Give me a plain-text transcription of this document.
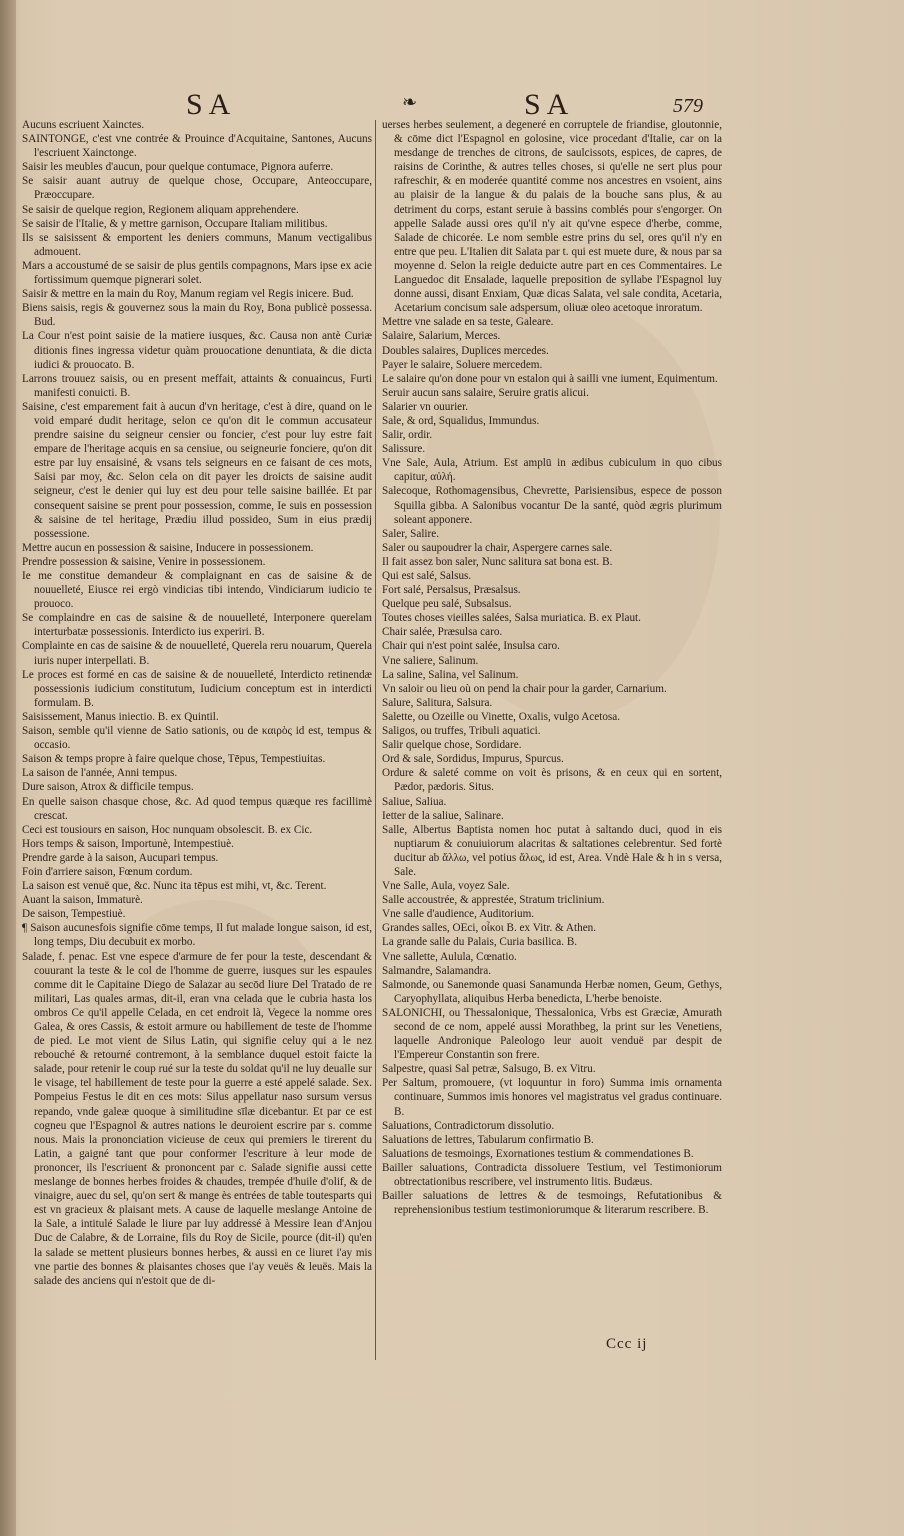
SA	❧	SA	579

Aucuns escriuent Xainctes.

SAINTONGE, c'est vne contrée & Prouince d'Acquitaine, Santones, Aucuns l'escriuent Xainctonge.

Saisir les meubles d'aucun, pour quelque contumace, Pignora auferre.

Se saisir auant autruy de quelque chose, Occupare, Anteoccupare, Præoccupare.

Se saisir de quelque region, Regionem aliquam apprehendere.

Se saisir de l'Italie, & y mettre garnison, Occupare Italiam militibus.

Ils se saisissent & emportent les deniers communs, Manum vectigalibus admouent.

Mars a accoustumé de se saisir de plus gentils compagnons, Mars ipse ex acie fortissimum quemque pignerari solet.

Saisir & mettre en la main du Roy, Manum regiam vel Regis inicere. Bud.

Biens saisis, regis & gouvernez sous la main du Roy, Bona publicè possessa. Bud.

La Cour n'est point saisie de la matiere iusques, &c. Causa non antè Curiæ ditionis fines ingressa videtur quàm prouocatione denuntiata, & die dicta iudici & prouocato. B.

Larrons trouuez saisis, ou en present meffait, attaints & conuaincus, Furti manifesti conuicti. B.

Saisine, c'est emparement fait à aucun d'vn heritage, c'est à dire, quand on le void emparé dudit heritage, selon ce qu'on dit le commun accusateur prendre saisine du seigneur censier ou foncier, c'est pour luy estre fait empare de l'heritage acquis en sa censiue, ou seigneurie fonciere, qu'on dit estre par luy ensaisiné, & vsans tels seigneurs en ce faisant de ces mots, Saisi par moy, &c. Selon cela on dit payer les droicts de saisine audit seigneur, c'est le denier qui luy est deu pour telle saisine baillée. Et par consequent saisine se prent pour possession, comme, Ie suis en possession & saisine de tel heritage, Prædiu illud possideo, Sum in eius prædij possessione.

Mettre aucun en possession & saisine, Inducere in possessionem.

Prendre possession & saisine, Venire in possessionem.

Ie me constitue demandeur & complaignant en cas de saisine & de nouuelleté, Eiusce rei ergò vindicias tibi intendo, Vindiciarum iudicio te prouoco.

Se complaindre en cas de saisine & de nouuelleté, Interponere querelam interturbatæ possessionis. Interdicto ius experiri. B.

Complainte en cas de saisine & de nouuelleté, Querela reru nouarum, Querela iuris nuper interpellati. B.

Le proces est formé en cas de saisine & de nouuelleté, Interdicto retinendæ possessionis iudicium constitutum, Iudicium conceptum est in interdicti formulam. B.

Saisissement, Manus iniectio. B. ex Quintil.

Saison, semble qu'il vienne de Satio sationis, ou de καιρὸς id est, tempus & occasio.

Saison & temps propre à faire quelque chose, Tēpus, Tempestiuitas.

La saison de l'année, Anni tempus.

Dure saison, Atrox & difficile tempus.

En quelle saison chasque chose, &c. Ad quod tempus quæque res facillimè crescat.

Ceci est tousiours en saison, Hoc nunquam obsolescit. B. ex Cic.

Hors temps & saison, Importunè, Intempestiuè.

Prendre garde à la saison, Aucupari tempus.

Foin d'arriere saison, Fœnum cordum.

La saison est venuë que, &c. Nunc ita tēpus est mihi, vt, &c. Terent.

Auant la saison, Immaturè.

De saison, Tempestiuè.

¶ Saison aucunesfois signifie cōme temps, Il fut malade longue saison, id est, long temps, Diu decubuit ex morbo.

Salade, f. penac. Est vne espece d'armure de fer pour la teste, descendant & couurant la teste & le col de l'homme de guerre, iusques sur les espaules comme dit le Capitaine Diego de Salazar au secōd liure Del Tratado de re militari, Las quales armas, dit-il, eran vna celada que le cubria hasta los ombros Ce qu'il appelle Celada, en cet endroit là, Vegece la nomme ores Galea, & ores Cassis, & estoit armure ou habillement de teste de l'homme de pied. Le mot vient de Silus Latin, qui signifie celuy qui a le nez rebouché & retourné contremont, à la semblance duquel estoit faicte la salade, pour retenir le coup rué sur la teste du soldat qu'il ne luy deualle sur le visage, tel habillement de teste pour la guerre a esté appelé salade. Sex. Pompeius Festus le dit en ces mots: Silus appellatur naso sursum versus repando, vnde galeæ quoque à similitudine sīlæ dicebantur. Et par ce est cogneu que l'Espagnol & autres nations le deuroient escrire par s. comme nous. Mais la prononciation vicieuse de ceux qui premiers le tirerent du Latin, a gaigné tant que pour conformer l'escriture à leur mode de prononcer, ils l'escriuent & prononcent par c. Salade signifie aussi cette meslange de bonnes herbes froides & chaudes, trempée d'huile d'olif, & de vinaigre, auec du sel, qu'on sert & mange ès entrées de table toutesparts qui est vn gracieux & plaisant mets. A cause de laquelle meslange Antoine de la Sale, a intitulé Salade le liure par luy addressé à Messire Iean d'Anjou Duc de Calabre, & de Lorraine, fils du Roy de Sicile, pource (dit-il) qu'en la salade se mettent plusieurs bonnes herbes, & aussi en ce liuret i'ay mis vne partie des bonnes & plaisantes choses que i'ay veuës & leuës. Mais la salade des anciens qui n'estoit que de di-

uerses herbes seulement, a degeneré en corruptele de friandise, gloutonnie, & cōme dict l'Espagnol en golosine, vice procedant d'Italie, car on la mesdange de trenches de citrons, de saulcissots, espices, de capres, de raisins de Corinthe, & autres telles choses, si qu'elle ne sert plus pour rafreschir, & en moderée quantité comme nos ancestres en vsoient, ains au plaisir de la langue & du palais de la bouche sans plus, & au detriment du corps, estant seruie à bassins comblés pour s'engorger. On appelle Salade aussi ores qu'il n'y ait qu'vne espece d'herbe, comme, Salade de chicorée. Le nom semble estre prins du sel, ores qu'il n'y en entre que peu. L'Italien dit Salata par t. qui est muete dure, & nous par sa moyenne d. Selon la reigle deduicte autre part en ces Commentaires. Le Languedoc dit Ensalade, laquelle preposition de syllabe l'Espagnol luy donne aussi, disant Enxiam, Quæ dicas Salata, vel sale condita, Acetaria, Acetarium concisum sale adspersum, oliuæ oleo acetoque inroratum.

Mettre vne salade en sa teste, Galeare.

Salaire, Salarium, Merces.

Doubles salaires, Duplices mercedes.

Payer le salaire, Soluere mercedem.

Le salaire qu'on done pour vn estalon qui à sailli vne iument, Equimentum.

Seruir aucun sans salaire, Seruire gratis alicui.

Salarier vn ouurier.

Sale, & ord, Squalidus, Immundus.

Salir, ordir.

Salissure.

Vne Sale, Aula, Atrium. Est amplū in ædibus cubiculum in quo cibus capitur, αὐλή.

Salecoque, Rothomagensibus, Chevrette, Parisiensibus, espece de posson Squilla gibba. A Salonibus vocantur De la santé, quòd ægris plurimum soleant apponere.

Saler, Salire.

Saler ou saupoudrer la chair, Aspergere carnes sale.

Il fait assez bon saler, Nunc salitura sat bona est. B.

Qui est salé, Salsus.

Fort salé, Persalsus, Præsalsus.

Quelque peu salé, Subsalsus.

Toutes choses vieilles salées, Salsa muriatica. B. ex Plaut.

Chair salée, Præsulsa caro.

Chair qui n'est point salée, Insulsa caro.

Vne saliere, Salinum.

La saline, Salina, vel Salinum.

Vn saloir ou lieu où on pend la chair pour la garder, Carnarium.

Salure, Salitura, Salsura.

Salette, ou Ozeille ou Vinette, Oxalis, vulgo Acetosa.

Saligos, ou truffes, Tribuli aquatici.

Salir quelque chose, Sordidare.

Ord & sale, Sordidus, Impurus, Spurcus.

Ordure & saleté comme on voit ès prisons, & en ceux qui en sortent, Pædor, pædoris. Situs.

Saliue, Saliua.

Ietter de la saliue, Salinare.

Salle, Albertus Baptista nomen hoc putat à saltando duci, quod in eis nuptiarum & conuiuiorum alacritas & saltationes celebrentur. Sed fortè ducitur ab ἅλλω, vel potius ἅλως, id est, Area. Vndè Hale & h in s versa, Sale.

Vne Salle, Aula, voyez Sale.

Salle accoustrée, & apprestée, Stratum triclinium.

Vne salle d'audience, Auditorium.

Grandes salles, OEci, οἶκοι B. ex Vitr. & Athen.

La grande salle du Palais, Curia basilica. B.

Vne sallette, Aulula, Cœnatio.

Salmandre, Salamandra.

Salmonde, ou Sanemonde quasi Sanamunda Herbæ nomen, Geum, Gethys, Caryophyllata, aliquibus Herba benedicta, L'herbe benoiste.

SALONICHI, ou Thessalonique, Thessalonica, Vrbs est Græciæ, Amurath second de ce nom, appelé aussi Morathbeg, la print sur les Venetiens, laquelle Andronique Paleologo leur auoit venduë par despit de l'Empereur Constantin son frere.

Salpestre, quasi Sal petræ, Salsugo, B. ex Vitru.

Per Saltum, promouere, (vt loquuntur in foro) Summa imis ornamenta continuare, Summos imis honores vel magistratus vel gradus continuare. B.

Saluations, Contradictorum dissolutio.

Saluations de lettres, Tabularum confirmatio B.

Saluations de tesmoings, Exornationes testium & commendationes B.

Bailler saluations, Contradicta dissoluere Testium, vel Testimoniorum obtrectationibus rescribere, vel instrumento litis. Budæus.

Bailler saluations de lettres & de tesmoings, Refutationibus & reprehensionibus testium testimoniorumque & literarum rescribere. B.

Ccc ij
